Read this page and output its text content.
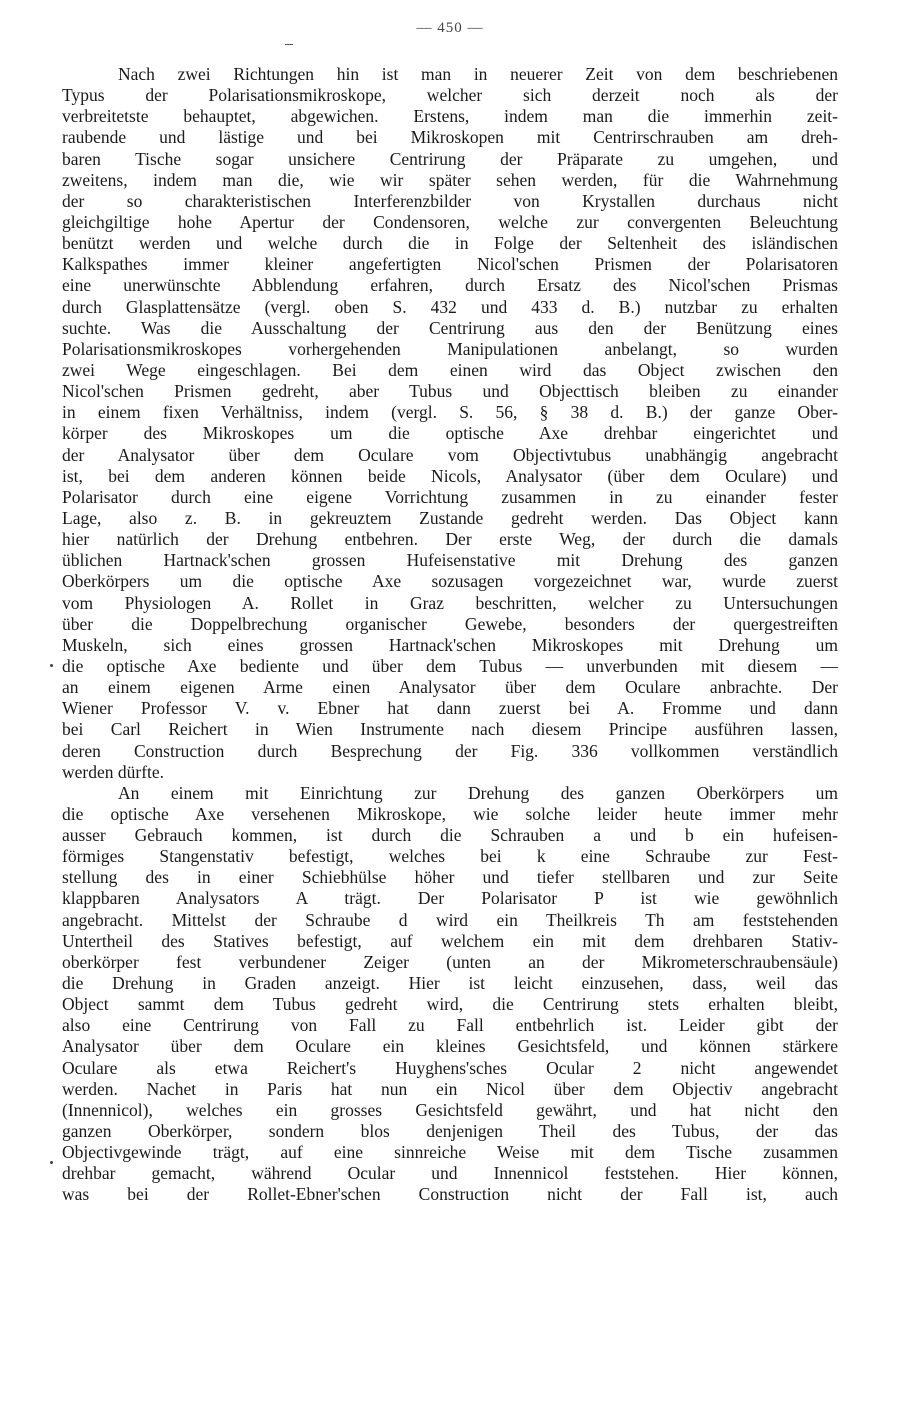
— 450 —
Nach zwei Richtungen hin ist man in neuerer Zeit von dem beschriebenen
Typus der Polarisationsmikroskope, welcher sich derzeit noch als der
verbreitetste behauptet, abgewichen. Erstens, indem man die immerhin zeit-
raubende und lästige und bei Mikroskopen mit Centrirschrauben am dreh-
baren Tische sogar unsichere Centrirung der Präparate zu umgehen, und
zweitens, indem man die, wie wir später sehen werden, für die Wahrnehmung
der so charakteristischen Interferenzbilder von Krystallen durchaus nicht
gleichgiltige hohe Apertur der Condensoren, welche zur convergenten Beleuchtung
benützt werden und welche durch die in Folge der Seltenheit des isländischen
Kalkspathes immer kleiner angefertigten Nicol'schen Prismen der Polarisatoren
eine unerwünschte Abblendung erfahren, durch Ersatz des Nicol'schen Prismas
durch Glasplattensätze (vergl. oben S. 432 und 433 d. B.) nutzbar zu erhalten
suchte. Was die Ausschaltung der Centrirung aus den der Benützung eines
Polarisationsmikroskopes vorhergehenden Manipulationen anbelangt, so wurden
zwei Wege eingeschlagen. Bei dem einen wird das Object zwischen den
Nicol'schen Prismen gedreht, aber Tubus und Objecttisch bleiben zu einander
in einem fixen Verhältniss, indem (vergl. S. 56, § 38 d. B.) der ganze Ober-
körper des Mikroskopes um die optische Axe drehbar eingerichtet und
der Analysator über dem Oculare vom Objectivtubus unabhängig angebracht
ist, bei dem anderen können beide Nicols, Analysator (über dem Oculare) und
Polarisator durch eine eigene Vorrichtung zusammen in zu einander fester
Lage, also z. B. in gekreuztem Zustande gedreht werden. Das Object kann
hier natürlich der Drehung entbehren. Der erste Weg, der durch die damals
üblichen Hartnack'schen grossen Hufeisenstative mit Drehung des ganzen
Oberkörpers um die optische Axe sozusagen vorgezeichnet war, wurde zuerst
vom Physiologen A. Rollet in Graz beschritten, welcher zu Untersuchungen
über die Doppelbrechung organischer Gewebe, besonders der quergestreiften
Muskeln, sich eines grossen Hartnack'schen Mikroskopes mit Drehung um
die optische Axe bediente und über dem Tubus — unverbunden mit diesem —
an einem eigenen Arme einen Analysator über dem Oculare anbrachte. Der
Wiener Professor V. v. Ebner hat dann zuerst bei A. Fromme und dann
bei Carl Reichert in Wien Instrumente nach diesem Principe ausführen lassen,
deren Construction durch Besprechung der Fig. 336 vollkommen verständlich
werden dürfte.
An einem mit Einrichtung zur Drehung des ganzen Oberkörpers um
die optische Axe versehenen Mikroskope, wie solche leider heute immer mehr
ausser Gebrauch kommen, ist durch die Schrauben a und b ein hufeisen-
förmiges Stangenstativ befestigt, welches bei k eine Schraube zur Fest-
stellung des in einer Schiebhülse höher und tiefer stellbaren und zur Seite
klappbaren Analysators A trägt. Der Polarisator P ist wie gewöhnlich
angebracht. Mittelst der Schraube d wird ein Theilkreis Th am feststehenden
Untertheil des Statives befestigt, auf welchem ein mit dem drehbaren Stativ-
oberkörper fest verbundener Zeiger (unten an der Mikrometerschraubensäule)
die Drehung in Graden anzeigt. Hier ist leicht einzusehen, dass, weil das
Object sammt dem Tubus gedreht wird, die Centrirung stets erhalten bleibt,
also eine Centrirung von Fall zu Fall entbehrlich ist. Leider gibt der
Analysator über dem Oculare ein kleines Gesichtsfeld, und können stärkere
Oculare als etwa Reichert's Huyghens'sches Ocular 2 nicht angewendet
werden. Nachet in Paris hat nun ein Nicol über dem Objectiv angebracht
(Innennicol), welches ein grosses Gesichtsfeld gewährt, und hat nicht den
ganzen Oberkörper, sondern blos denjenigen Theil des Tubus, der das
Objectivgewinde trägt, auf eine sinnreiche Weise mit dem Tische zusammen
drehbar gemacht, während Ocular und Innennicol feststehen. Hier können,
was bei der Rollet-Ebner'schen Construction nicht der Fall ist, auch
